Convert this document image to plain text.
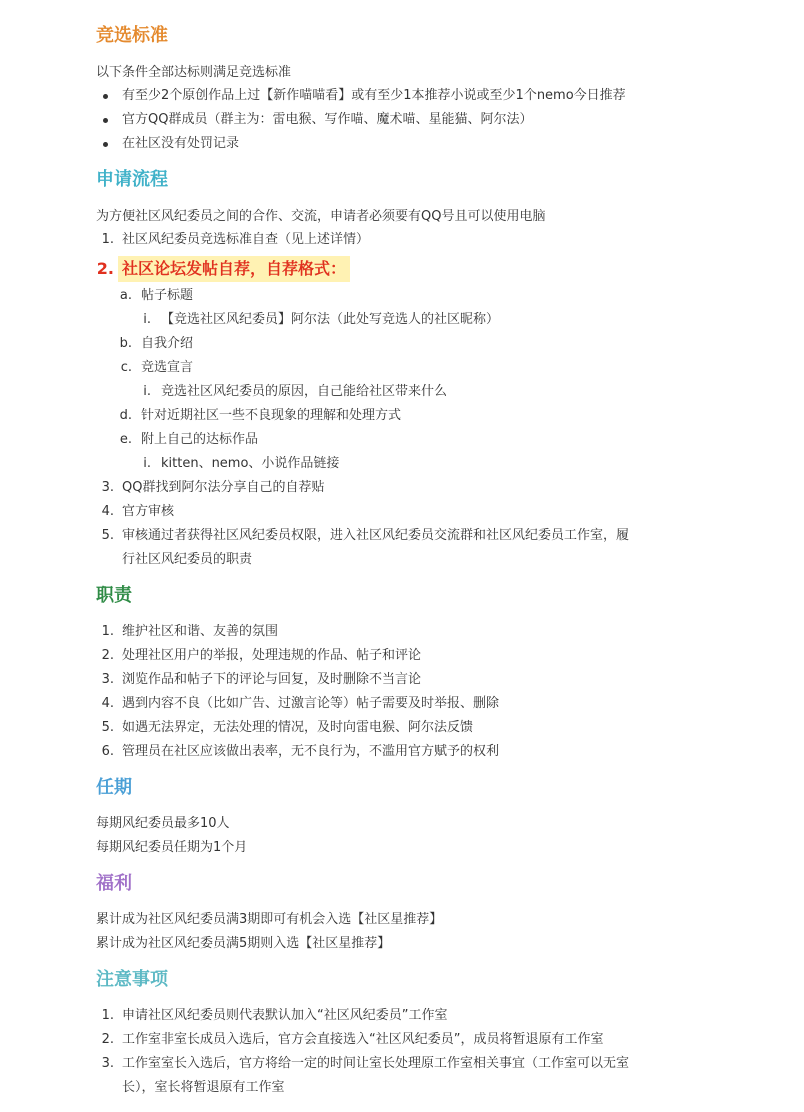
竞选标准

以下条件全部达标则满足竞选标准

有至少2个原创作品上过【新作喵喵看】或有至少1本推荐小说或至少1个nemo今日推荐

官方QQ群成员（群主为：雷电猴、写作喵、魔术喵、星能猫、阿尔法）

在社区没有处罚记录

申请流程

为方便社区风纪委员之间的合作、交流，申请者必须要有QQ号且可以使用电脑

1. 社区风纪委员竞选标准自查（见上述详情）

2. 社区论坛发帖自荐，自荐格式：
a. 帖子标题

i. 【竞选社区风纪委员】阿尔法（此处写竞选人的社区昵称）

b. 自我介绍

c. 竞选宣言

i. 竞选社区风纪委员的原因，自己能给社区带来什么

d. 针对近期社区一些不良现象的理解和处理方式

e. 附上自己的达标作品

i. kitten、nemo、小说作品链接

3. QQ群找到阿尔法分享自己的自荐贴

4. 官方审核

5. 审核通过者获得社区风纪委员权限，进入社区风纪委员交流群和社区风纪委员工作室，履

行社区风纪委员的职责

职责
1. 维护社区和谐、友善的氛围

2. 处理社区用户的举报，处理违规的作品、帖子和评论

3. 浏览作品和帖子下的评论与回复，及时删除不当言论

4. 遇到内容不良（比如广告、过激言论等）帖子需要及时举报、删除

5. 如遇无法界定，无法处理的情况，及时向雷电猴、阿尔法反馈

6. 管理员在社区应该做出表率，无不良行为，不滥用官方赋予的权利

任期

每期风纪委员最多10人

每期风纪委员任期为1个月

福利

累计成为社区风纪委员满3期即可有机会入选【社区星推荐】

累计成为社区风纪委员满5期则入选【社区星推荐】

注意事项
1. 申请社区风纪委员则代表默认加入“社区风纪委员”工作室

2. 工作室非室长成员入选后，官方会直接选入“社区风纪委员”，成员将暂退原有工作室

3. 工作室室长入选后，官方将给一定的时间让室长处理原工作室相关事宜（工作室可以无室

长），室长将暂退原有工作室
